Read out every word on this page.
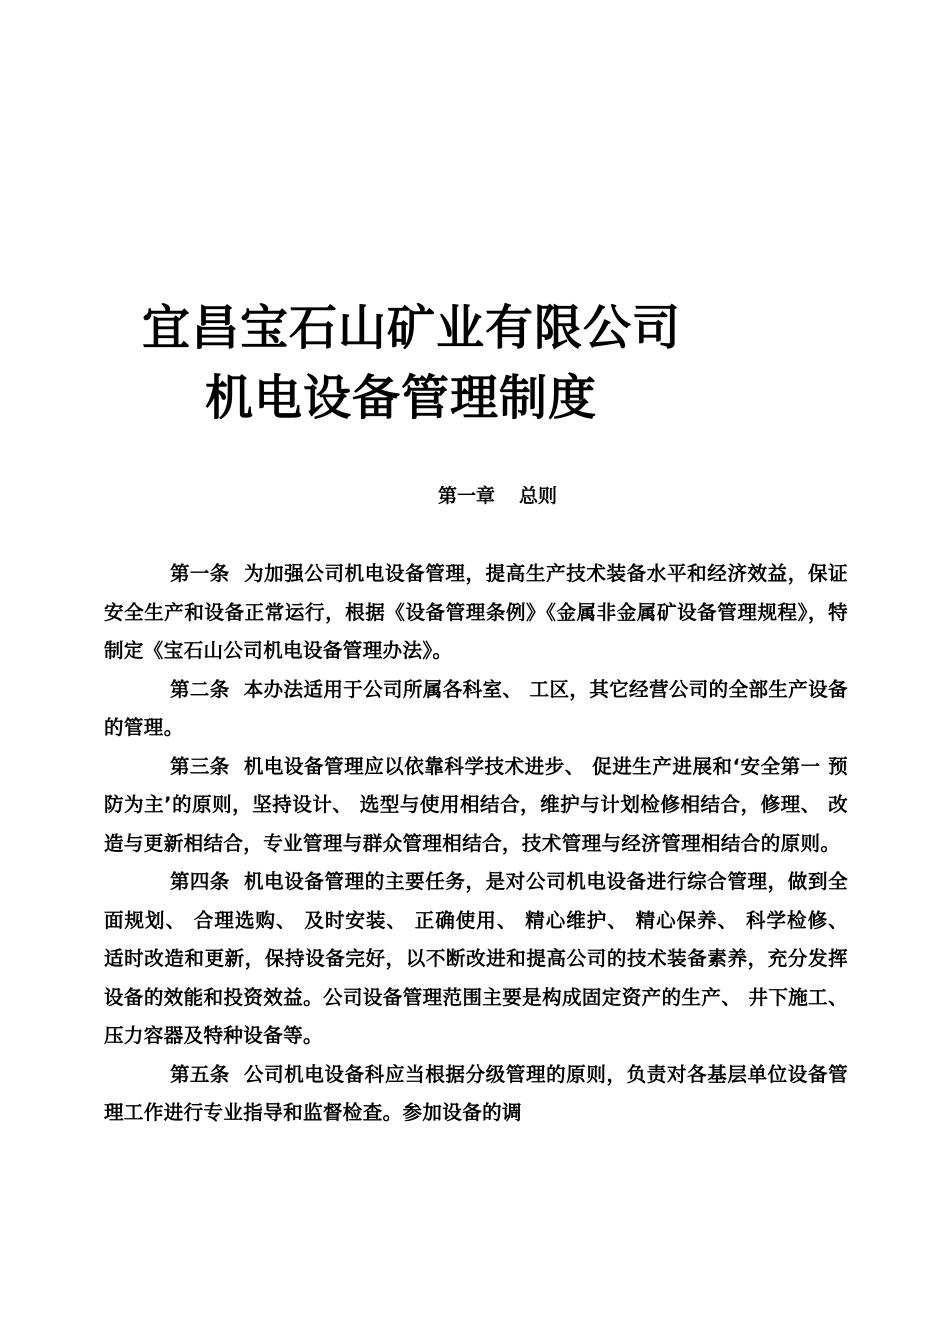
宜昌宝石山矿业有限公司
机电设备管理制度
第一章 总则

第一条 为加强公司机电设备管理，提高生产技术装备水平和经济效益，保证安全生产和设备正常运行，根据《设备管理条例》《金属非金属矿设备管理规程》，特制定《宝石山公司机电设备管理办法》。

第二条 本办法适用于公司所属各科室、 工区，其它经营公司的全部生产设备的管理。

第三条 机电设备管理应以依靠科学技术进步、 促进生产进展和‘安全第一 预防为主’的原则，坚持设计、 选型与使用相结合，维护与计划检修相结合，修理、 改造与更新相结合，专业管理与群众管理相结合，技术管理与经济管理相结合的原则。

第四条 机电设备管理的主要任务，是对公司机电设备进行综合管理，做到全面规划、 合理选购、 及时安装、 正确使用、 精心维护、 精心保养、 科学检修、 适时改造和更新，保持设备完好，以不断改进和提高公司的技术装备素养，充分发挥设备的效能和投资效益。公司设备管理范围主要是构成固定资产的生产、 井下施工、 压力容器及特种设备等。

第五条 公司机电设备科应当根据分级管理的原则，负责对各基层单位设备管理工作进行专业指导和监督检查。参加设备的调
